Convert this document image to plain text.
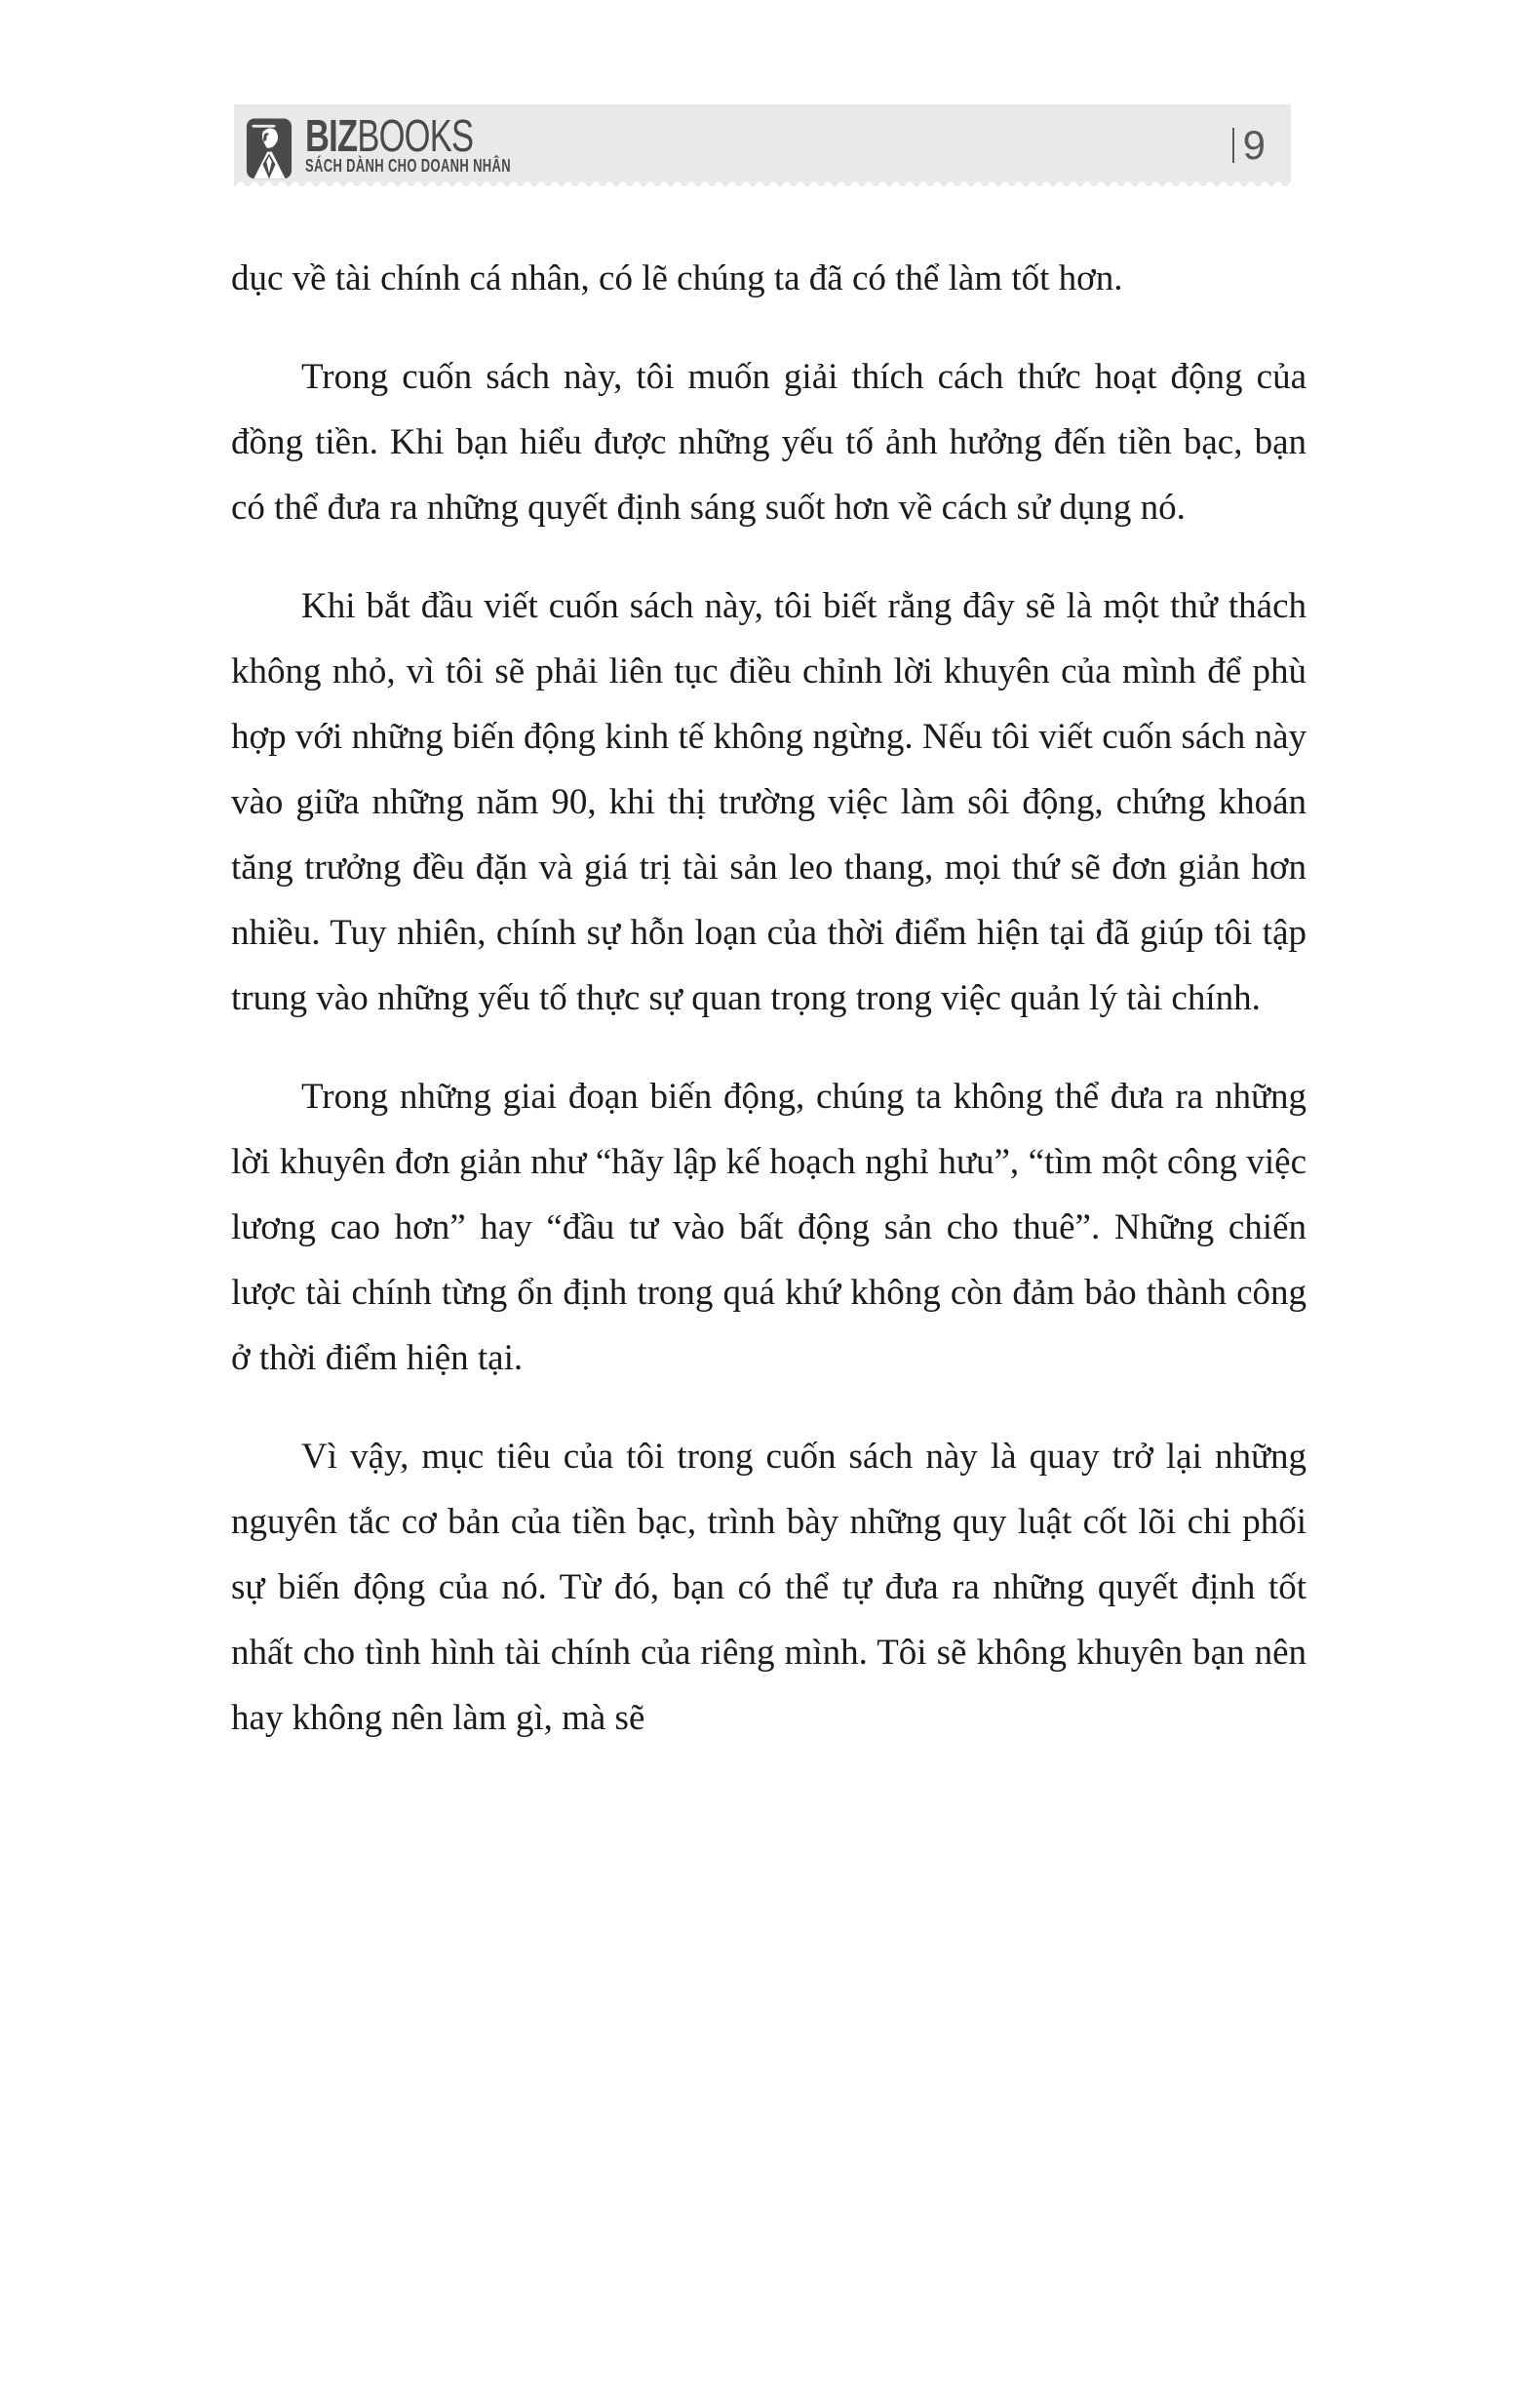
BIZBOOKS
SÁCH DÀNH CHO DOANH NHÂN	9

dục về tài chính cá nhân, có lẽ chúng ta đã có thể làm tốt hơn.

Trong cuốn sách này, tôi muốn giải thích cách thức hoạt động của đồng tiền. Khi bạn hiểu được những yếu tố ảnh hưởng đến tiền bạc, bạn có thể đưa ra những quyết định sáng suốt hơn về cách sử dụng nó.

Khi bắt đầu viết cuốn sách này, tôi biết rằng đây sẽ là một thử thách không nhỏ, vì tôi sẽ phải liên tục điều chỉnh lời khuyên của mình để phù hợp với những biến động kinh tế không ngừng. Nếu tôi viết cuốn sách này vào giữa những năm 90, khi thị trường việc làm sôi động, chứng khoán tăng trưởng đều đặn và giá trị tài sản leo thang, mọi thứ sẽ đơn giản hơn nhiều. Tuy nhiên, chính sự hỗn loạn của thời điểm hiện tại đã giúp tôi tập trung vào những yếu tố thực sự quan trọng trong việc quản lý tài chính.

Trong những giai đoạn biến động, chúng ta không thể đưa ra những lời khuyên đơn giản như “hãy lập kế hoạch nghỉ hưu”, “tìm một công việc lương cao hơn” hay “đầu tư vào bất động sản cho thuê”. Những chiến lược tài chính từng ổn định trong quá khứ không còn đảm bảo thành công ở thời điểm hiện tại.

Vì vậy, mục tiêu của tôi trong cuốn sách này là quay trở lại những nguyên tắc cơ bản của tiền bạc, trình bày những quy luật cốt lõi chi phối sự biến động của nó. Từ đó, bạn có thể tự đưa ra những quyết định tốt nhất cho tình hình tài chính của riêng mình. Tôi sẽ không khuyên bạn nên hay không nên làm gì, mà sẽ
